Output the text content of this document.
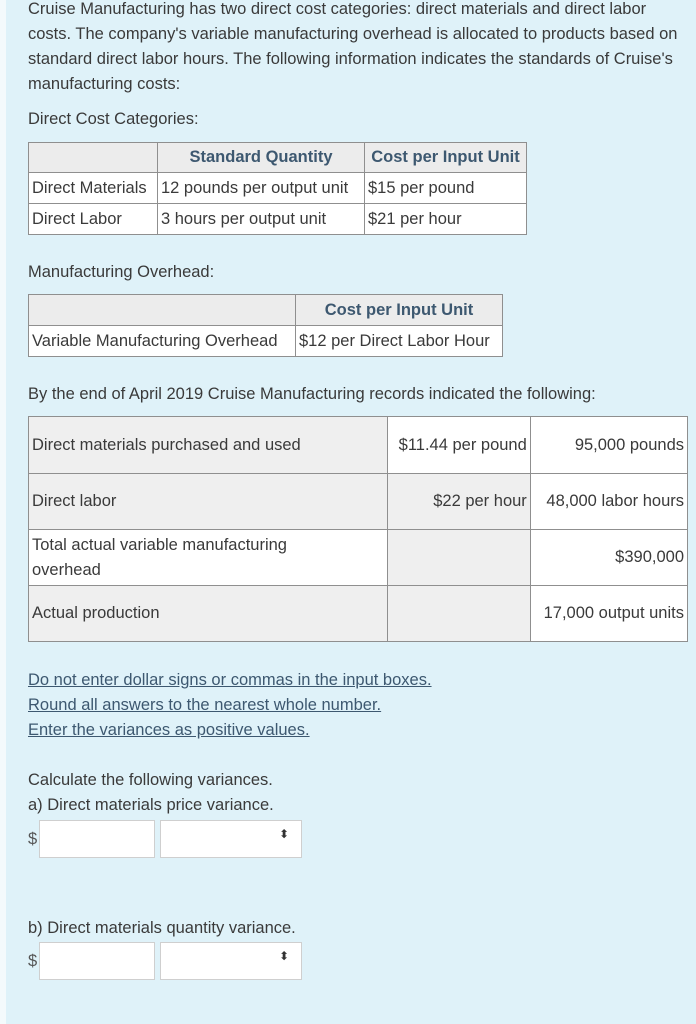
Cruise Manufacturing has two direct cost categories: direct materials and direct labor costs. The company's variable manufacturing overhead is allocated to products based on standard direct labor hours. The following information indicates the standards of Cruise's manufacturing costs:
Direct Cost Categories:
	Standard Quantity	Cost per Input Unit
Direct Materials	12 pounds per output unit	$15 per pound
Direct Labor	3 hours per output unit	$21 per hour
Manufacturing Overhead:
	Cost per Input Unit
Variable Manufacturing Overhead	$12 per Direct Labor Hour
By the end of April 2019 Cruise Manufacturing records indicated the following:
Direct materials purchased and used	$11.44 per pound	95,000 pounds
Direct labor	$22 per hour	48,000 labor hours
Total actual variable manufacturing overhead		$390,000
Actual production		17,000 output units
Do not enter dollar signs or commas in the input boxes.
Round all answers to the nearest whole number.
Enter the variances as positive values.
Calculate the following variances.
a) Direct materials price variance.
$	⬍
b) Direct materials quantity variance.
$	⬍
